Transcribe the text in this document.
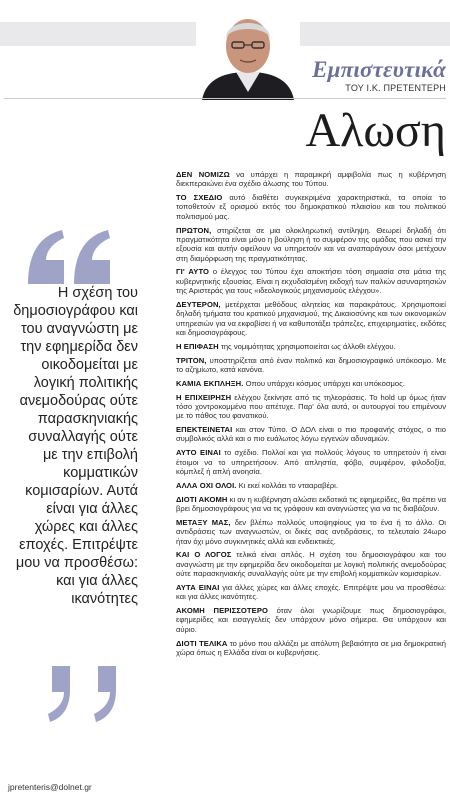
Εμπιστευτικά
ΤΟΥ Ι.Κ. ΠΡΕΤΕΝΤΕΡΗ
Αλωση
Η σχέση του δημοσιογράφου και του αναγνώστη με την εφημερίδα δεν οικοδομείται με λογική πολιτικής ανεμοδούρας ούτε παρασκηνιακής συναλλαγής ούτε με την επιβολή κομματικών κομισαρίων. Αυτά είναι για άλλες χώρες και άλλες εποχές. Επιτρέψτε μου να προσθέσω: και για άλλες ικανότητες
jpretenteris@dolnet.gr

ΔΕΝ ΝΟΜΙΖΩ να υπάρχει η παραμικρή αμφιβολία πως η κυβέρνηση διεκπεραιώνει ένα σχέδιο άλωσης του Τύπου.

ΤΟ ΣΧΕΔΙΟ αυτό διαθέτει συγκεκριμένα χαρακτηριστικά, τα οποία το τοποθετούν εξ ορισμού εκτός του δημοκρατικού πλαισίου και του πολιτικού πολιτισμού μας.

ΠΡΩΤΟΝ, στηρίζεται σε μια ολοκληρωτική αντίληψη. Θεωρεί δηλαδή ότι πραγματικότητα είναι μόνο η βούληση ή το συμφέρον της ομάδας που ασκεί την εξουσία και αυτήν οφείλουν να υπηρετούν και να αναπαράγουν όσοι μετέχουν στη διαμόρφωση της πραγματικότητας.

ΓΙ' ΑΥΤΟ ο έλεγχος του Τύπου έχει αποκτήσει τόση σημασία στα μάτια της κυβερνητικής εξουσίας. Είναι η εκχυδαϊσμένη εκδοχή των παλιών ασυναρτησιών της Αριστεράς για τους «ιδεολογικούς μηχανισμούς ελέγχου».

ΔΕΥΤΕΡΟΝ, μετέρχεται μεθόδους αλητείας και παρακράτους. Χρησιμοποιεί δηλαδή τμήματα του κρατικού μηχανισμού, της Δικαιοσύνης και των οικονομικών υπηρεσιών για να εκφοβίσει ή να καθυποτάξει τράπεζες, επιχειρηματίες, εκδότες και δημοσιογράφους.

Η ΕΠΙΦΑΣΗ της νομιμότητας χρησιμοποιείται ως άλλοθι ελέγχου.

ΤΡΙΤΟΝ, υποστηρίζεται από έναν πολιτικό και δημοσιογραφικό υπόκοσμο. Με το αζημίωτο, κατά κανόνα.

ΚΑΜΙΑ ΕΚΠΛΗΞΗ. Οπου υπάρχει κόσμος υπάρχει και υπόκοσμος.

Η ΕΠΙΧΕΙΡΗΣΗ ελέγχου ξεκίνησε από τις τηλεοράσεις. Το hold up όμως ήταν τόσο χοντροκομμένο που απέτυχε. Παρ' όλα αυτά, οι αυτουργοί του επιμένουν με το πάθος του φανατικού.

ΕΠΕΚΤΕΙΝΕΤΑΙ και στον Τύπο. Ο ΔΟΛ είναι ο πιο προφανής στόχος, ο πιο συμβολικός αλλά και ο πιο ευάλωτος λόγω εγγενών αδυναμιών.

ΑΥΤΟ ΕΙΝΑΙ το σχέδιο. Πολλοί και για πολλούς λόγους το υπηρετούν ή είναι έτοιμοι να το υπηρετήσουν. Από απληστία, φόβο, συμφέρον, φιλοδοξία, κόμπλεξ ή απλή ανοησία.

ΑΛΛΑ ΟΧΙ ΟΛΟΙ. Κι εκεί κολλάει το ντααραβέρι.

ΔΙΟΤΙ ΑΚΟΜΗ κι αν η κυβέρνηση αλώσει εκδοτικά τις εφημερίδες, θα πρέπει να βρει δημοσιογράφους για να τις γράφουν και αναγνώστες για να τις διαβάζουν.

ΜΕΤΑΞΥ ΜΑΣ, δεν βλέπω πολλούς υποψηφίους για το ένα ή το άλλο. Οι αντιδράσεις των αναγνωστών, οι δικές σας αντιδράσεις, το τελευταίο 24ωρο ήταν όχι μόνο συγκινητικές αλλά και ενδεικτικές.

ΚΑΙ Ο ΛΟΓΟΣ τελικά είναι απλός. Η σχέση του δημοσιογράφου και του αναγνώστη με την εφημερίδα δεν οικοδομείται με λογική πολιτικής ανεμοδούρας ούτε παρασκηνιακής συναλλαγής ούτε με την επιβολή κομματικών κομισαρίων.

ΑΥΤΑ ΕΙΝΑΙ για άλλες χώρες και άλλες εποχές. Επιτρέψτε μου να προσθέσω: και για άλλες ικανότητες.

ΑΚΟΜΗ ΠΕΡΙΣΣΟΤΕΡΟ όταν όλοι γνωρίζουμε πως δημοσιογράφοι, εφημερίδες και εισαγγελείς δεν υπάρχουν μόνο σήμερα. Θα υπάρχουν και αύριο.

ΔΙΟΤΙ ΤΕΛΙΚΑ το μόνο που αλλάζει με απόλυτη βεβαιότητα σε μια δημοκρατική χώρα όπως η Ελλάδα είναι οι κυβερνήσεις.
